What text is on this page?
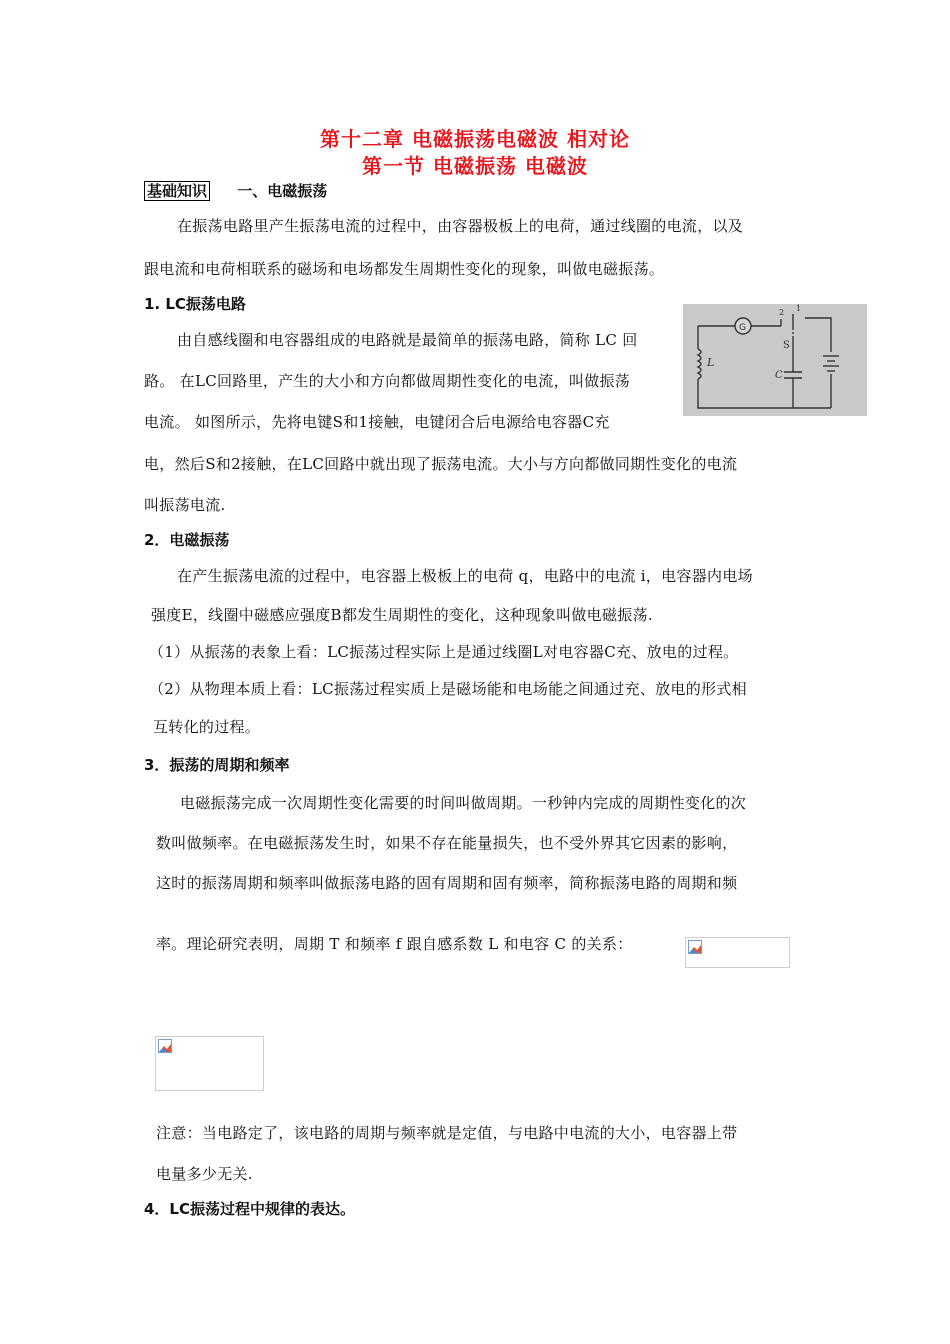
第十二章 电磁振荡电磁波 相对论
第一节 电磁振荡 电磁波
基础知识 一、电磁振荡
在振荡电路里产生振荡电流的过程中，由容器极板上的电荷，通过线圈的电流，以及
跟电流和电荷相联系的磁场和电场都发生周期性变化的现象，叫做电磁振荡。
1. LC振荡电路
由自感线圈和电容器组成的电路就是最简单的振荡电路，简称 LC 回
路。 在LC回路里，产生的大小和方向都做周期性变化的电流，叫做振荡
电流。 如图所示，先将电键S和1接触，电键闭合后电源给电容器C充
电，然后S和2接触，在LC回路中就出现了振荡电流。大小与方向都做同期性变化的电流
叫振荡电流.
G
L
S
C
2 1
2．电磁振荡
在产生振荡电流的过程中，电容器上极板上的电荷 q，电路中的电流 i，电容器内电场
强度E，线圈中磁感应强度B都发生周期性的变化，这种现象叫做电磁振荡.
（1）从振荡的表象上看：LC振荡过程实际上是通过线圈L对电容器C充、放电的过程。
（2）从物理本质上看：LC振荡过程实质上是磁场能和电场能之间通过充、放电的形式相
互转化的过程。
3．振荡的周期和频率
电磁振荡完成一次周期性变化需要的时间叫做周期。一秒钟内完成的周期性变化的次
数叫做频率。在电磁振荡发生时，如果不存在能量损失，也不受外界其它因素的影响，
这时的振荡周期和频率叫做振荡电路的固有周期和固有频率，简称振荡电路的周期和频
率。理论研究表明，周期 T 和频率 f 跟自感系数 L 和电容 C 的关系：
注意：当电路定了，该电路的周期与频率就是定值，与电路中电流的大小，电容器上带
电量多少无关.
4．LC振荡过程中规律的表达。
